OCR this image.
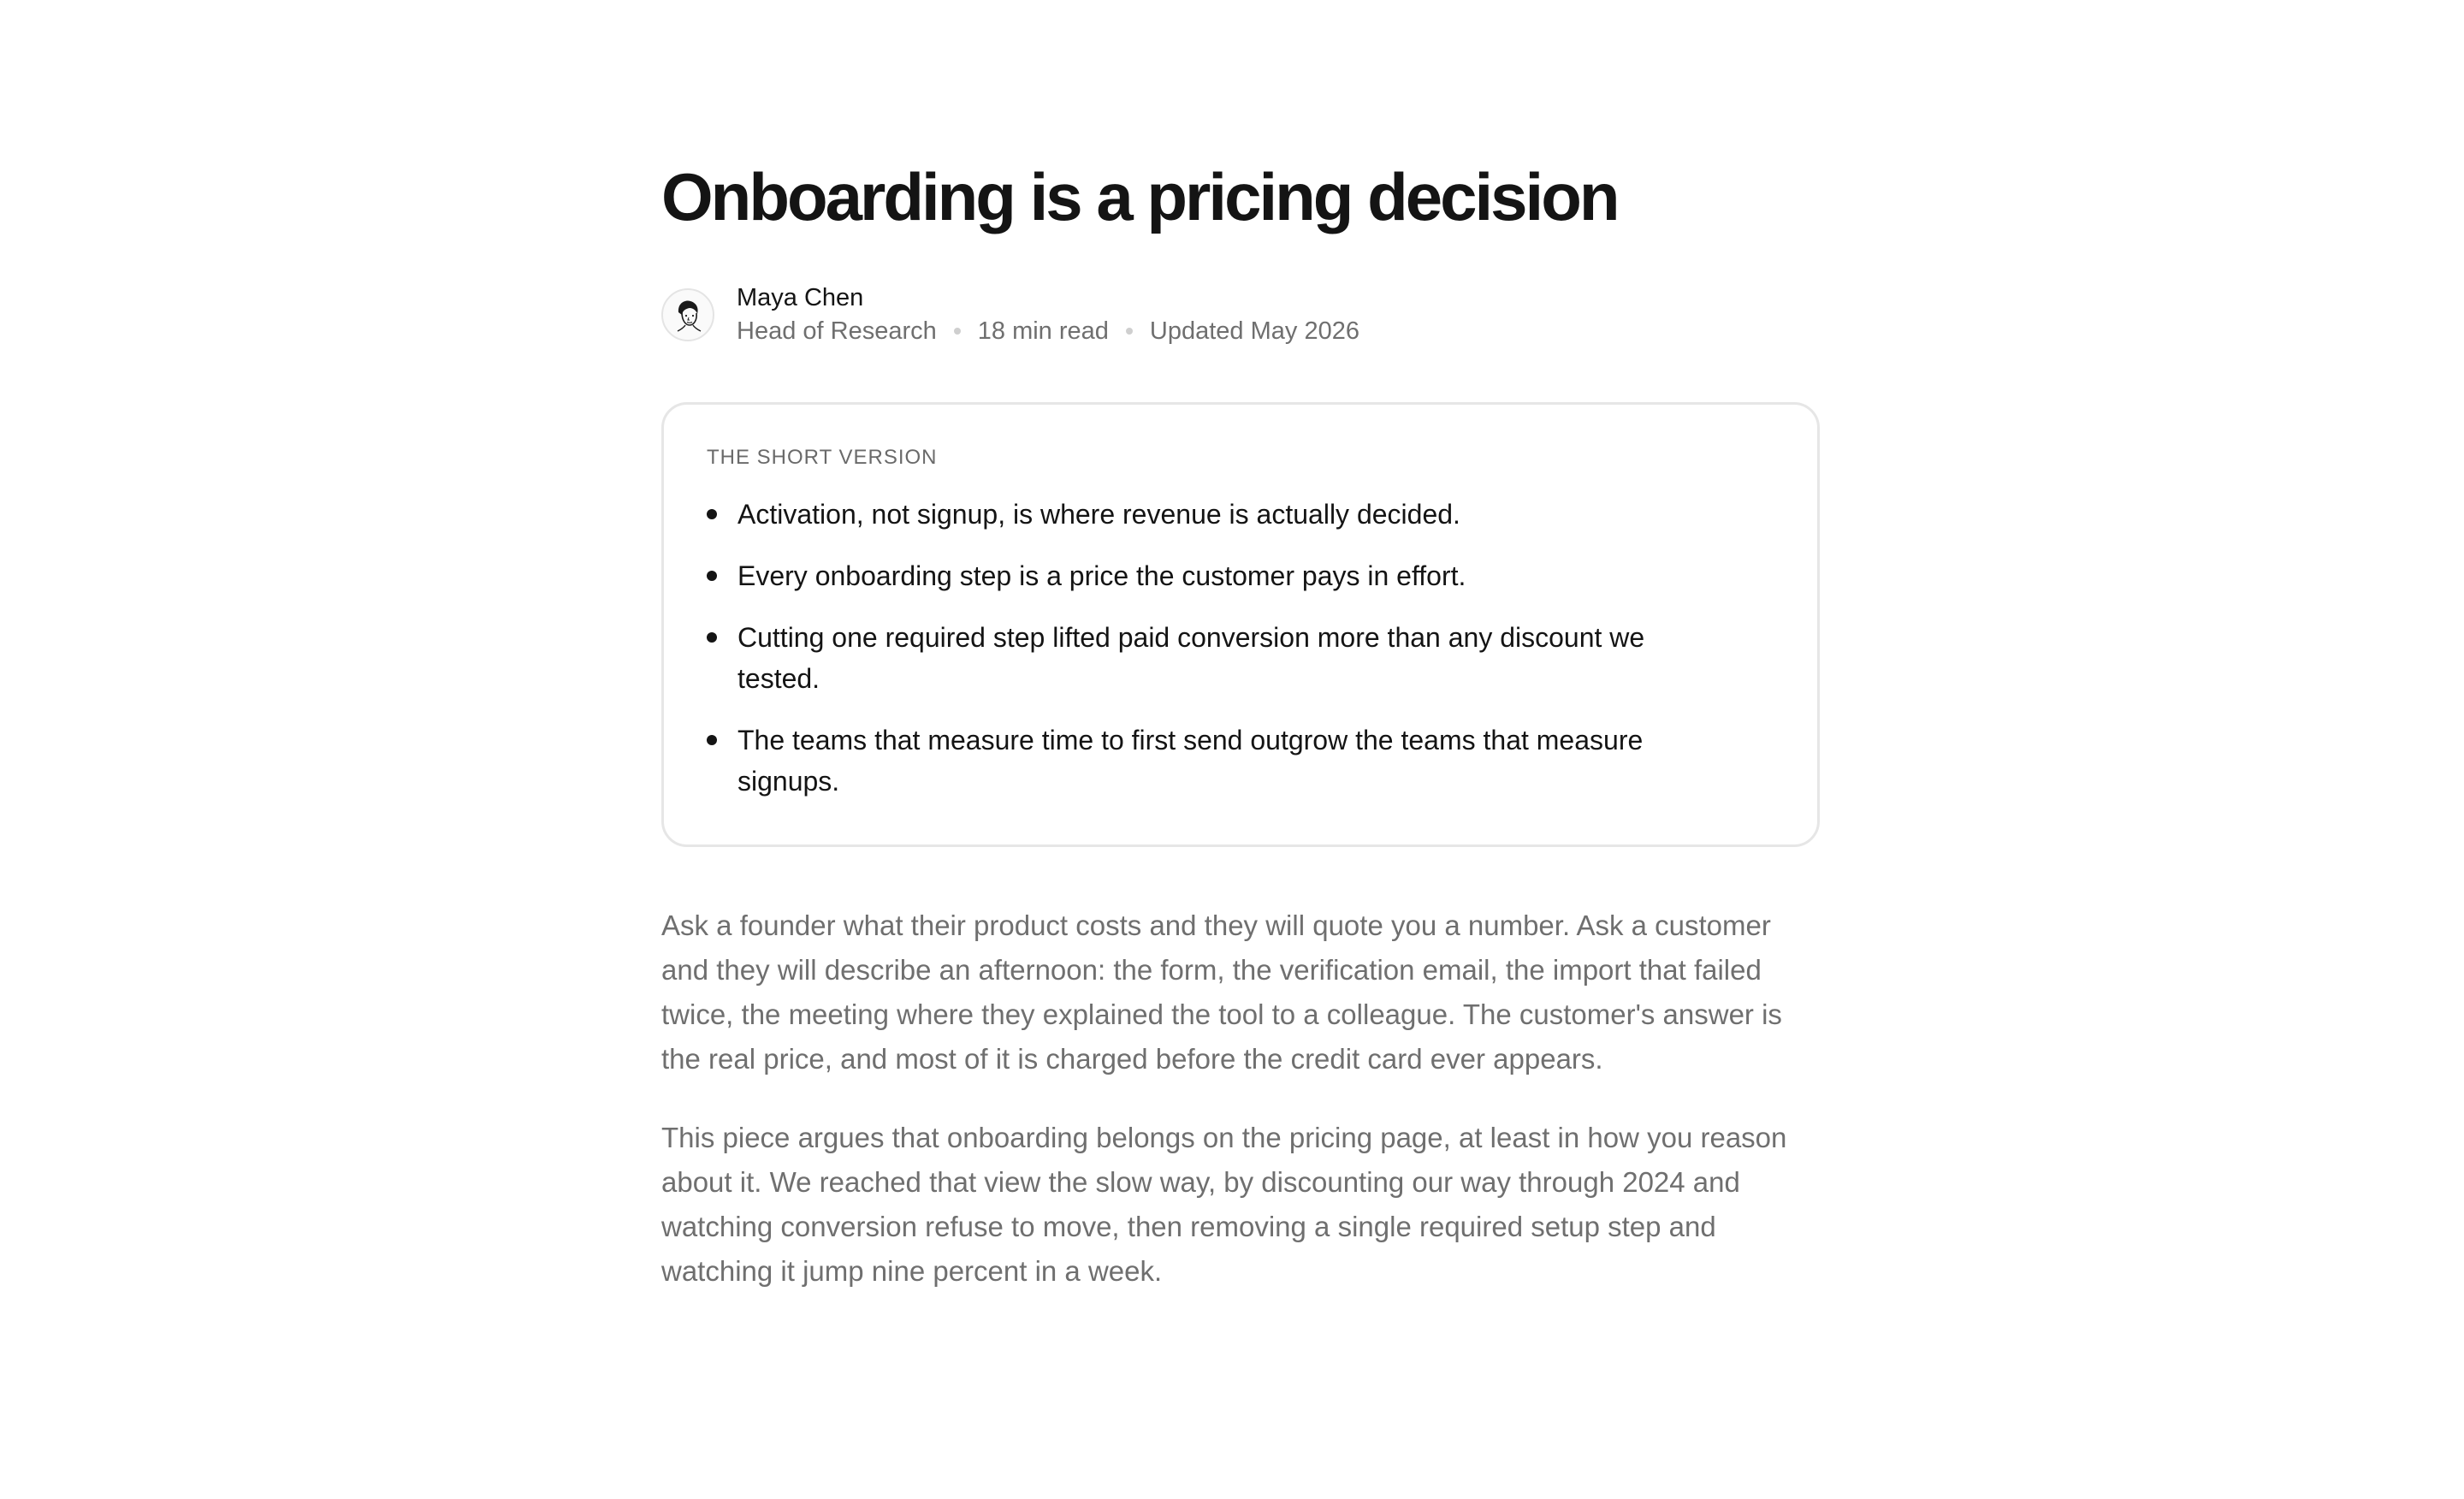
Onboarding is a pricing decision
Maya Chen
Head of Research 18 min read Updated May 2026
THE SHORT VERSION
Activation, not signup, is where revenue is actually decided.
Every onboarding step is a price the customer pays in effort.
Cutting one required step lifted paid conversion more than any discount we tested.
The teams that measure time to first send outgrow the teams that measure signups.

Ask a founder what their product costs and they will quote you a number. Ask a customer and they will describe an afternoon: the form, the verification email, the import that failed twice, the meeting where they explained the tool to a colleague. The customer's answer is the real price, and most of it is charged before the credit card ever appears.

This piece argues that onboarding belongs on the pricing page, at least in how you reason about it. We reached that view the slow way, by discounting our way through 2024 and watching conversion refuse to move, then removing a single required setup step and watching it jump nine percent in a week.
